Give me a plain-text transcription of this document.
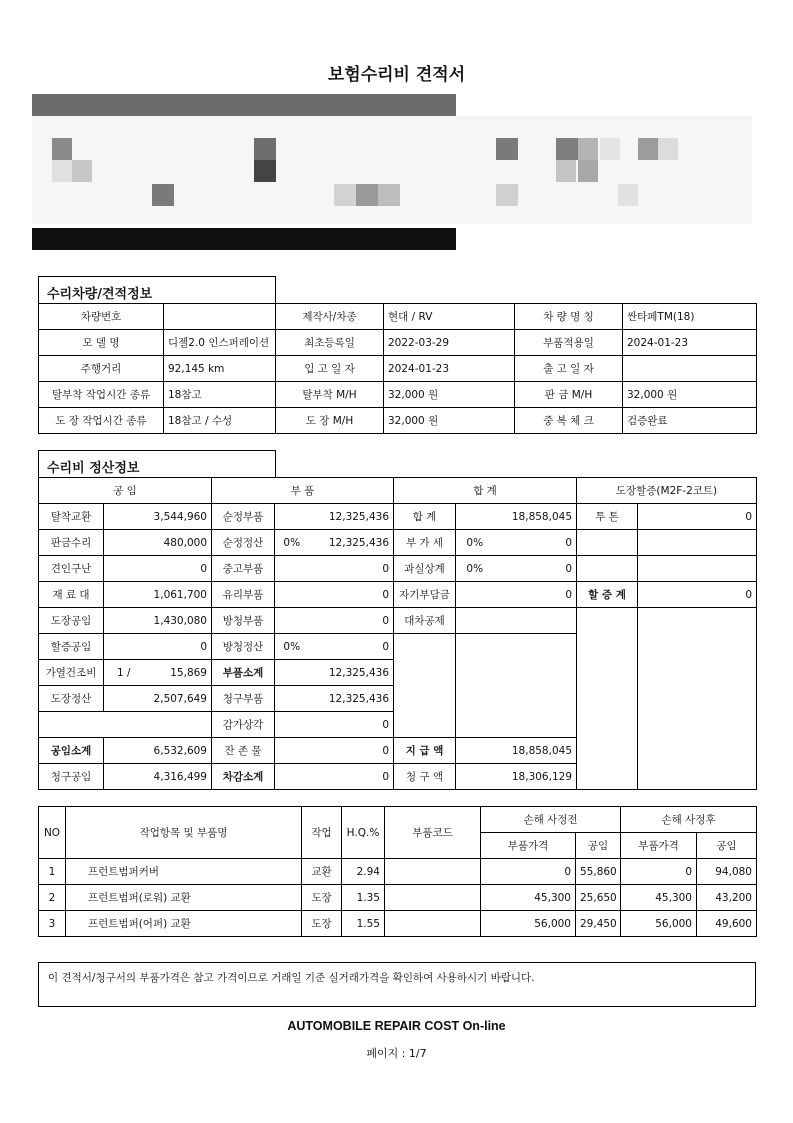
보험수리비 견적서
수리차량/견적정보
차량번호		제작사/차종	현대 / RV	차 량 명 칭	싼타페TM(18)
모 델 명	디젤2.0 인스퍼레이션	최초등록일	2022-03-29	부품적용일	2024-01-23
주행거리	92,145 km	입 고 일 자	2024-01-23	출 고 일 자	
탈부착 작업시간 종류	18참고	탈부착 M/H	32,000 원	판 금 M/H	32,000 원
도 장 작업시간 종류	18참고 / 수성	도 장 M/H	32,000 원	중 복 체 크	검증완료
수리비 정산정보
공 임			부 품			합 계			도장할증(M2F-2코트)	
탈착교환	3,544,960		순정부품	12,325,436		합 계	18,858,045		투 톤	0
판금수리	480,000		순정정산	0%	12,325,436	부 가 세	0%	0		
견인구난	0		중고부품	0		과실상계	0%	0		
재 료 대	1,061,700		유리부품	0		자기부담금	0		할 증 계	0
도장공임	1,430,080		방청부품	0		대차공제				
할증공임	0		방청정산	0%	0					
가열건조비	1 /	15,869	부품소계	12,325,436						
도장정산	2,507,649		청구부품	12,325,436						
			감가상각	0						
공임소계	6,532,609		잔 존 물	0		지 급 액	18,858,045			
청구공임	4,316,499		차감소계	0		청 구 액	18,306,129			
NO	작업항목 및 부품명	작업	H.Q.%	부품코드	손해 사정전		손해 사정후	
					부품가격	공임	부품가격	공임
1	프런트범퍼커버	교환	2.94		0	55,860	0	94,080
2	프런트범퍼(로워) 교환	도장	1.35		45,300	25,650	45,300	43,200
3	프런트범퍼(어퍼) 교환	도장	1.55		56,000	29,450	56,000	49,600
이 견적서/청구서의 부품가격은 참고 가격이므로 거래일 기준 실거래가격을 확인하여 사용하시기 바랍니다.
AUTOMOBILE REPAIR COST On-line
페이지 : 1/7
